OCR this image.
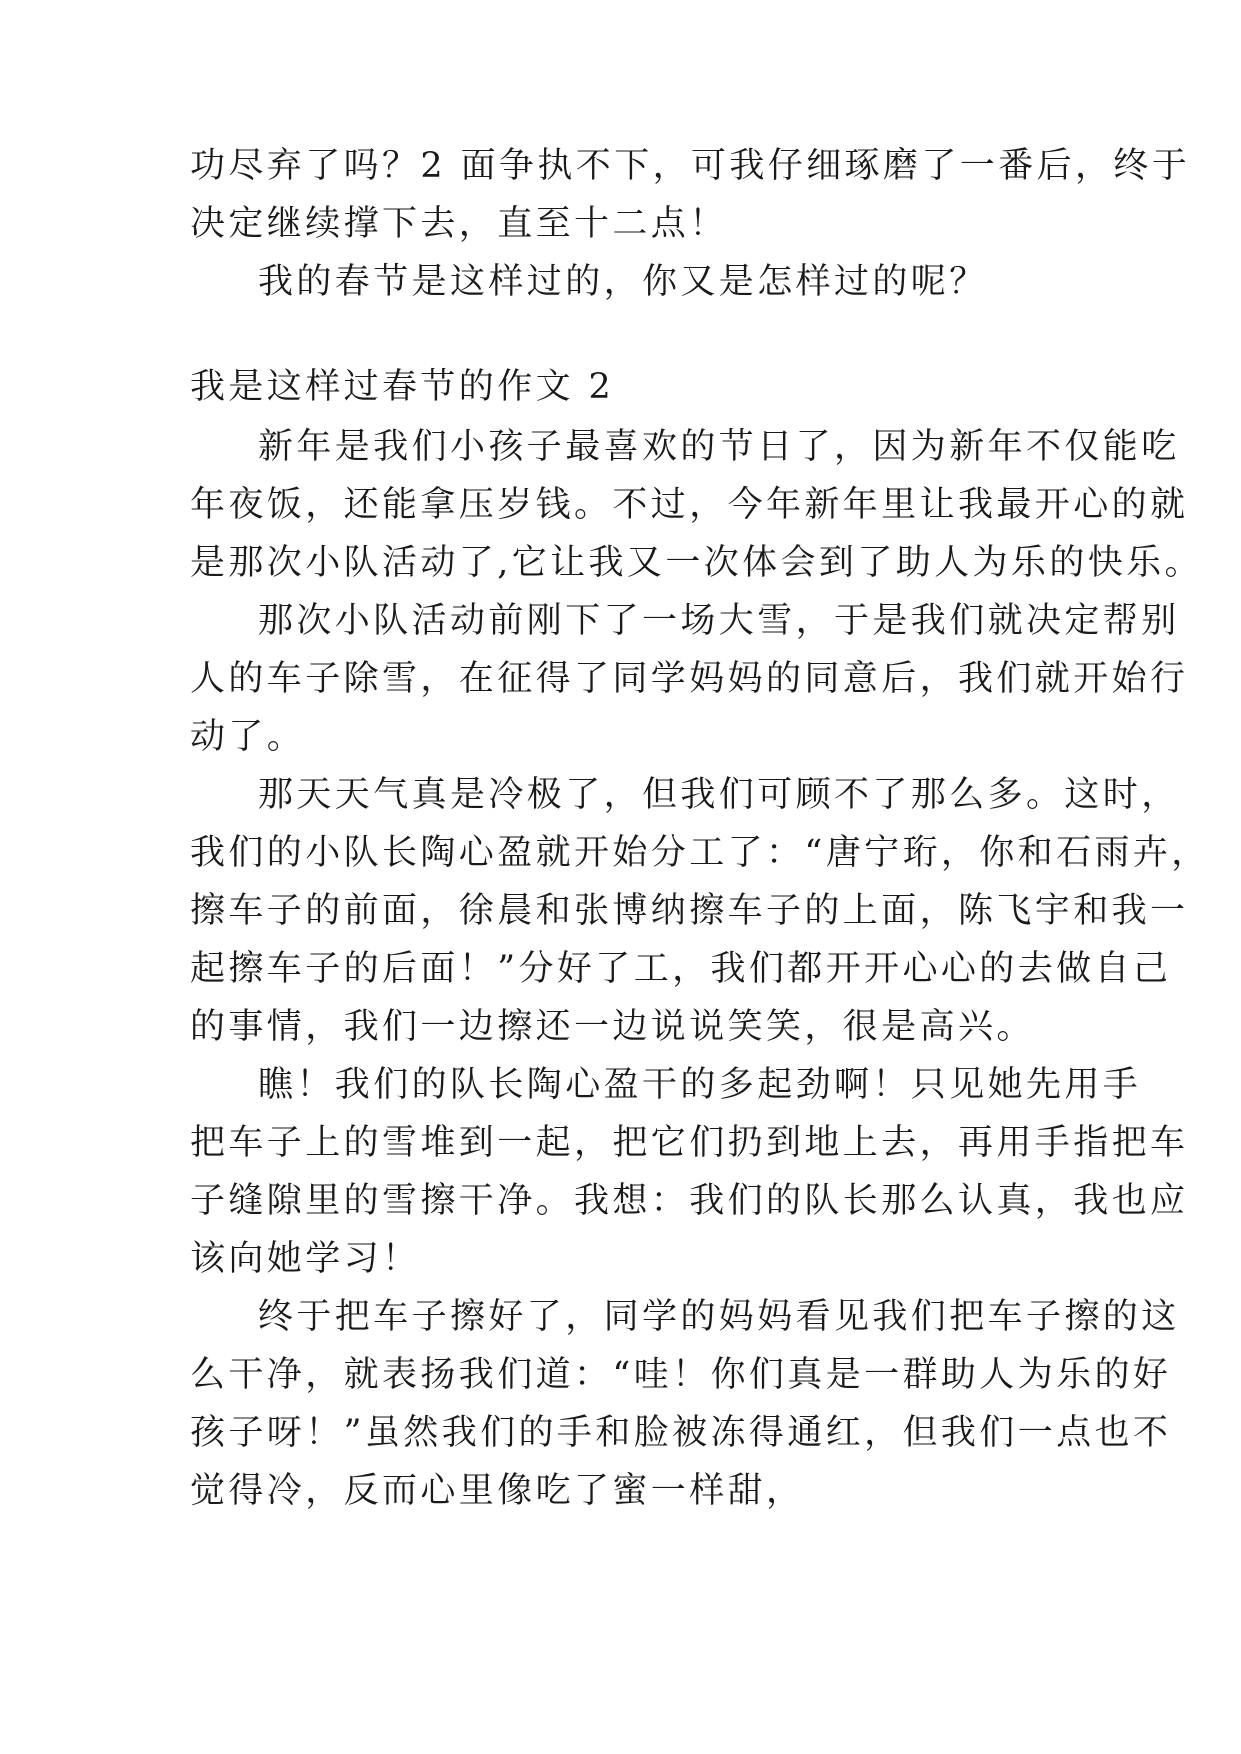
功尽弃了吗？2 面争执不下，可我仔细琢磨了一番后，终于
决定继续撑下去，直至十二点！
我的春节是这样过的，你又是怎样过的呢？
我是这样过春节的作文 2
新年是我们小孩子最喜欢的节日了，因为新年不仅能吃
年夜饭，还能拿压岁钱。不过，今年新年里让我最开心的就
是那次小队活动了,它让我又一次体会到了助人为乐的快乐。
那次小队活动前刚下了一场大雪，于是我们就决定帮别
人的车子除雪，在征得了同学妈妈的同意后，我们就开始行
动了。
那天天气真是冷极了，但我们可顾不了那么多。这时，
我们的小队长陶心盈就开始分工了：“唐宁珩，你和石雨卉，
擦车子的前面，徐晨和张博纳擦车子的上面，陈飞宇和我一
起擦车子的后面！”分好了工，我们都开开心心的去做自己
的事情，我们一边擦还一边说说笑笑，很是高兴。
瞧！我们的队长陶心盈干的多起劲啊！只见她先用手
把车子上的雪堆到一起，把它们扔到地上去，再用手指把车
子缝隙里的雪擦干净。我想：我们的队长那么认真，我也应
该向她学习！
终于把车子擦好了，同学的妈妈看见我们把车子擦的这
么干净，就表扬我们道：“哇！你们真是一群助人为乐的好
孩子呀！”虽然我们的手和脸被冻得通红，但我们一点也不
觉得冷，反而心里像吃了蜜一样甜，
